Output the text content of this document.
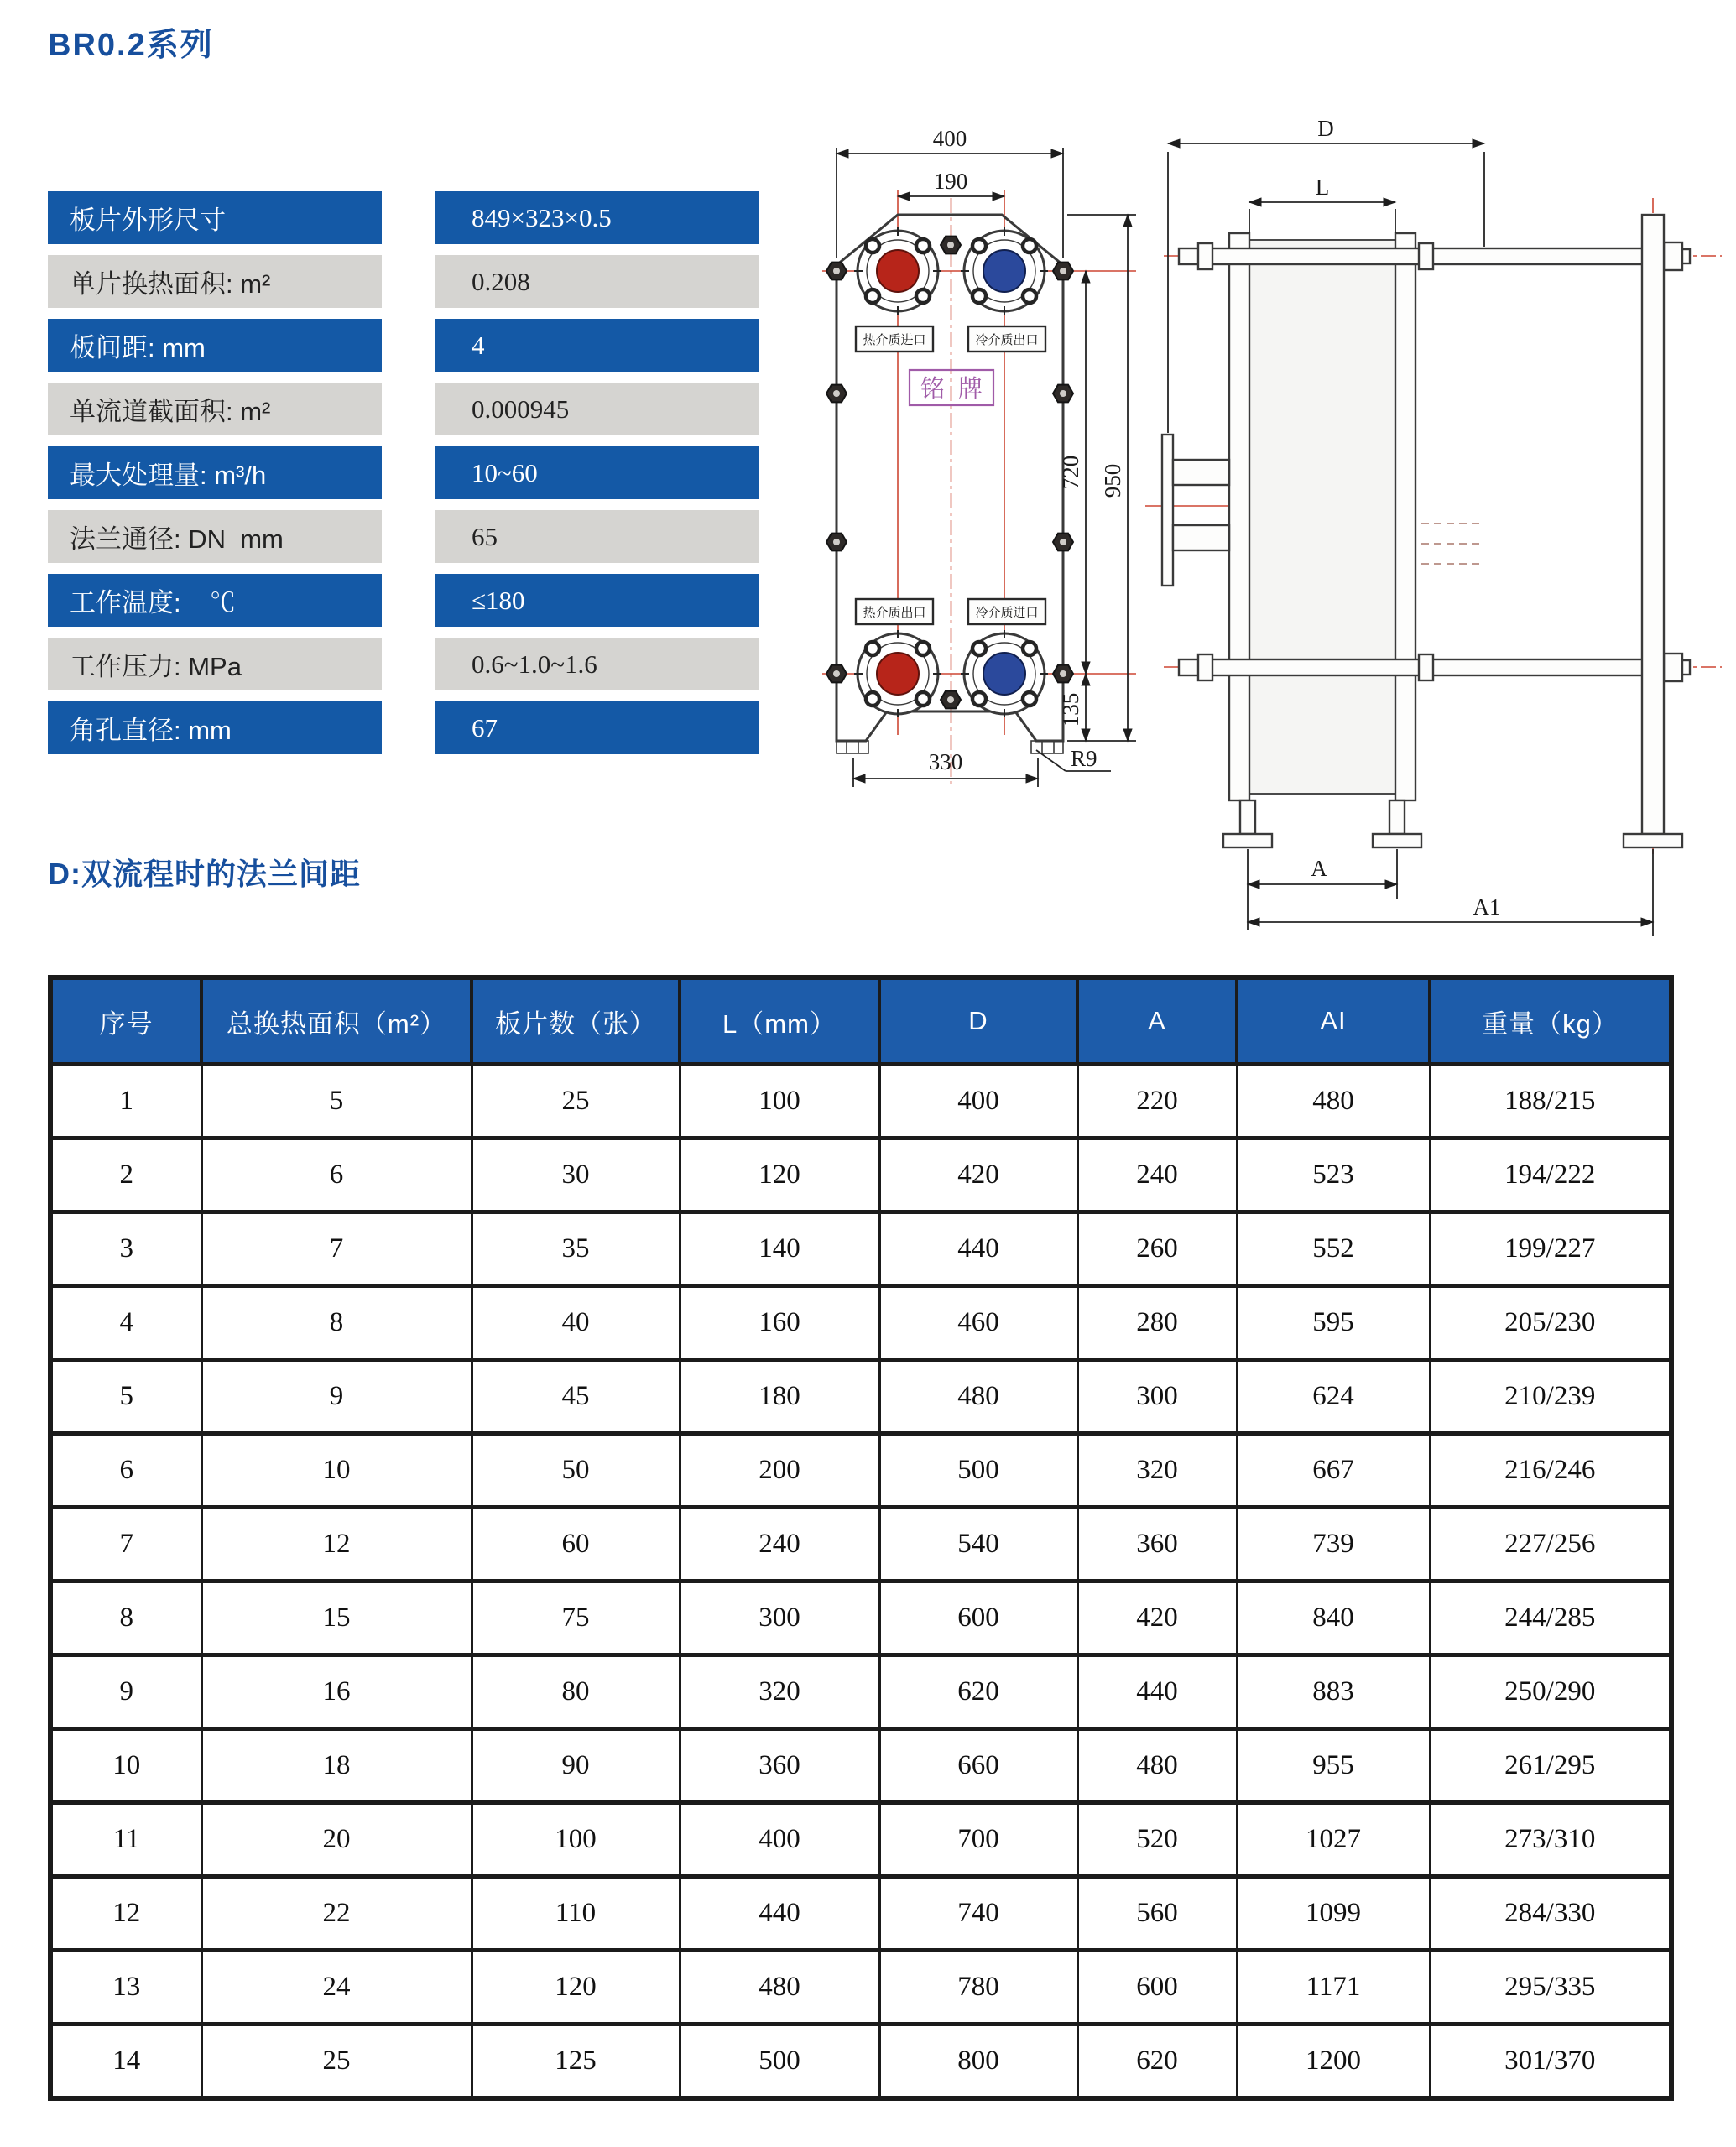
BR0.2系列
板片外形尺寸	849×323×0.5
单片换热面积: m²	0.208
板间距: mm	4
单流道截面积: m²	0.000945
最大处理量: m³/h	10~60
法兰通径: DN  mm	65
工作温度:    ℃	≤180
工作压力: MPa	0.6~1.0~1.6
角孔直径: mm	67
热介质进口	冷介质出口
热介质出口	冷介质进口
铭牌
400
190
720
135
950
330	R9
D
L
A
A1
D:双流程时的法兰间距
序号	总换热面积（m²）	板片数（张）	L（mm）	D	A	AI	重量（kg）
1	5	25	100	400	220	480	188/215
2	6	30	120	420	240	523	194/222
3	7	35	140	440	260	552	199/227
4	8	40	160	460	280	595	205/230
5	9	45	180	480	300	624	210/239
6	10	50	200	500	320	667	216/246
7	12	60	240	540	360	739	227/256
8	15	75	300	600	420	840	244/285
9	16	80	320	620	440	883	250/290
10	18	90	360	660	480	955	261/295
11	20	100	400	700	520	1027	273/310
12	22	110	440	740	560	1099	284/330
13	24	120	480	780	600	1171	295/335
14	25	125	500	800	620	1200	301/370
